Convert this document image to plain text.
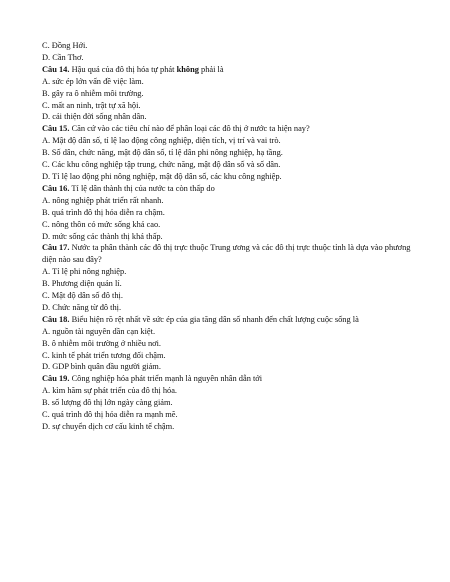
C. Đồng Hới.

D. Cần Thơ.

Câu 14. Hậu quả của đô thị hóa tự phát không phải là

A. sức ép lớn vấn đề việc làm.

B. gây ra ô nhiễm môi trường.

C. mất an ninh, trật tự xã hội.

D. cải thiện đời sống nhân dân.

Câu 15. Căn cứ vào các tiêu chí nào để phân loại các đô thị ở nước ta hiện nay?

A. Mật độ dân số, tỉ lệ lao động công nghiệp, diện tích, vị trí và vai trò.

B. Số dân, chức năng, mật độ dân số, tỉ lệ dân phi nông nghiệp, hạ tầng.

C. Các khu công nghiệp tập trung, chức năng, mật độ dân số và số dân.

D. Tỉ lệ lao động phi nông nghiệp, mật độ dân số, các khu công nghiệp.

Câu 16. Tỉ lệ dân thành thị của nước ta còn thấp do

A. nông nghiệp phát triển rất nhanh.

B. quá trình đô thị hóa diễn ra chậm.

C. nông thôn có mức sống khá cao.

D. mức sống các thành thị khá thấp.

Câu 17. Nước ta phân thành các đô thị trực thuộc Trung ương và các đô thị trực thuộc tỉnh là dựa vào phương diện nào sau đây?

A. Tỉ lệ phi nông nghiệp.

B. Phương diện quản lí.

C. Mật độ dân số đô thị.

D. Chức năng từ đô thị.

Câu 18. Biểu hiện rõ rệt nhất về sức ép của gia tăng dân số nhanh đến chất lượng cuộc sống là

A. nguồn tài nguyên dần cạn kiệt.

B. ô nhiễm môi trường ở nhiều nơi.

C. kinh tế phát triển tương đối chậm.

D. GDP bình quân đầu người giảm.

Câu 19. Công nghiệp hóa phát triển mạnh là nguyên nhân dẫn tới

A. kìm hãm sự phát triển của đô thị hóa.

B. số lượng đô thị lớn ngày càng giảm.

C. quá trình đô thị hóa diễn ra mạnh mẽ.

D. sự chuyển dịch cơ cấu kinh tế chậm.
